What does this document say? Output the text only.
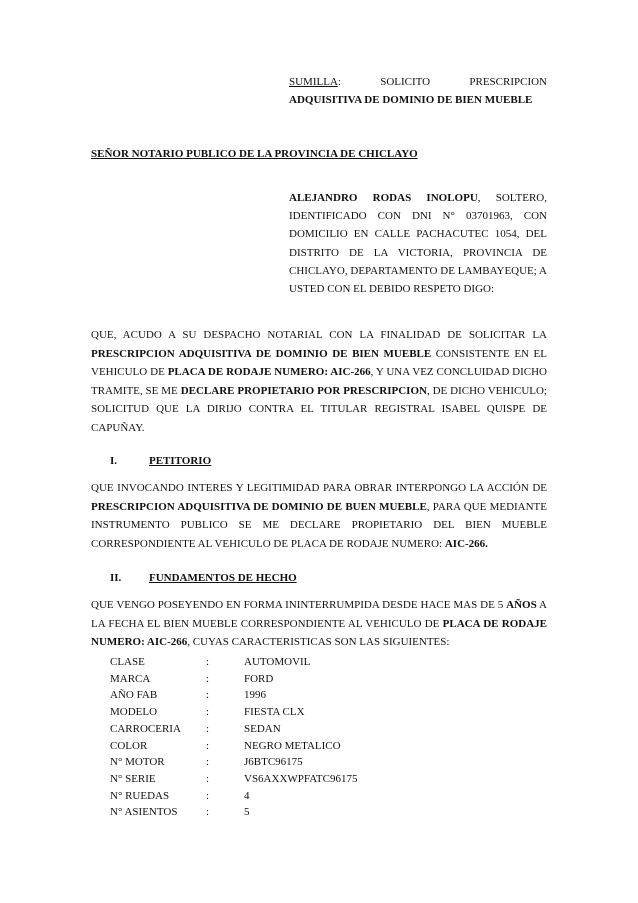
SUMILLA:	SOLICITO PRESCRIPCION
ADQUISITIVA DE DOMINIO DE BIEN MUEBLE
SEÑOR NOTARIO PUBLICO DE LA PROVINCIA DE CHICLAYO

ALEJANDRO RODAS INOLOPU, SOLTERO, IDENTIFICADO CON DNI N° 03701963, CON DOMICILIO EN CALLE PACHACUTEC 1054, DEL DISTRITO DE LA VICTORIA, PROVINCIA DE CHICLAYO, DEPARTAMENTO DE LAMBAYEQUE; A USTED CON EL DEBIDO RESPETO DIGO:

QUE, ACUDO A SU DESPACHO NOTARIAL CON LA FINALIDAD DE SOLICITAR LA PRESCRIPCION ADQUISITIVA DE DOMINIO DE BIEN MUEBLE CONSISTENTE EN EL VEHICULO DE PLACA DE RODAJE NUMERO: AIC-266, Y UNA VEZ CONCLUIDAD DICHO TRAMITE, SE ME DECLARE PROPIETARIO POR PRESCRIPCION, DE DICHO VEHICULO; SOLICITUD QUE LA DIRIJO CONTRA EL TITULAR REGISTRAL ISABEL QUISPE DE CAPUÑAY.

I.	PETITORIO

QUE INVOCANDO INTERES Y LEGITIMIDAD PARA OBRAR INTERPONGO LA ACCIÓN DE PRESCRIPCION ADQUISITIVA DE DOMINIO DE BUEN MUEBLE, PARA QUE MEDIANTE INSTRUMENTO PUBLICO SE ME DECLARE PROPIETARIO DEL BIEN MUEBLE CORRESPONDIENTE AL VEHICULO DE PLACA DE RODAJE NUMERO: AIC-266.

II.	FUNDAMENTOS DE HECHO

QUE VENGO POSEYENDO EN FORMA ININTERRUMPIDA DESDE HACE MAS DE 5 AÑOS A LA FECHA EL BIEN MUEBLE CORRESPONDIENTE AL VEHICULO DE PLACA DE RODAJE NUMERO: AIC-266, CUYAS CARACTERISTICAS SON LAS SIGUIENTES:

CLASE	:	AUTOMOVIL
MARCA	:	FORD
AÑO FAB	:	1996
MODELO	:	FIESTA CLX
CARROCERIA	:	SEDAN
COLOR	:	NEGRO METALICO
N° MOTOR	:	J6BTC96175
N° SERIE	:	VS6AXXWPFATC96175
N° RUEDAS	:	4
N° ASIENTOS	:	5
